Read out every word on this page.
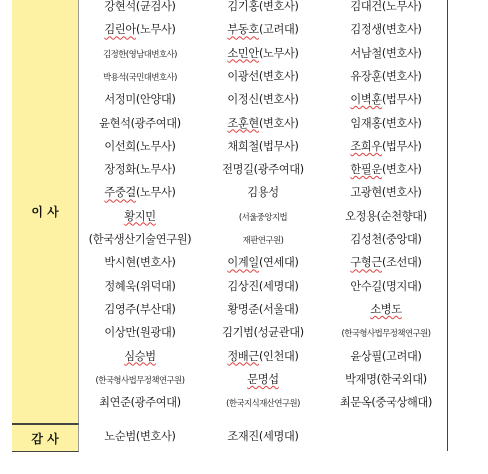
이 사
감 사
강현석(균검사)
김린아(노무사)
김정한(영남대변호사)
박용석(국민대변호사)
서정미(안양대)
윤현석(광주여대)
이선희(노무사)
장정화(노무사)
주중걸(노무사)
황지민
(한국생산기술연구원)
박시현(변호사)
정혜욱(위덕대)
김영주(부산대)
이상만(원광대)
심승범
(한국형사법무정책연구원)
최연준(광주여대)
김기홍(변호사)
부동호(고려대)
소민안(노무사)
이광선(변호사)
이정신(변호사)
조훈현(변호사)
채희철(법무사)
전명길(광주여대)
김용성
(서울중앙지법
재판연구원)
이계일(연세대)
김상진(세명대)
황명준(서울대)
김기범(성균관대)
정배근(인천대)
문명섭
(한국지식재산연구원)
김대건(노무사)
김정생(변호사)
서남철(변호사)
유장훈(변호사)
이벽훈(법무사)
임재홍(변호사)
조희우(법무사)
한필운(변호사)
고광현(변호사)
오정용(순천향대)
김성천(중앙대)
구형근(조선대)
안수길(명지대)
소병도
(한국형사법무정책연구원)
윤상필(고려대)
박재명(한국외대)
최문옥(중국상해대)
노순범(변호사)	조재진(세명대)
